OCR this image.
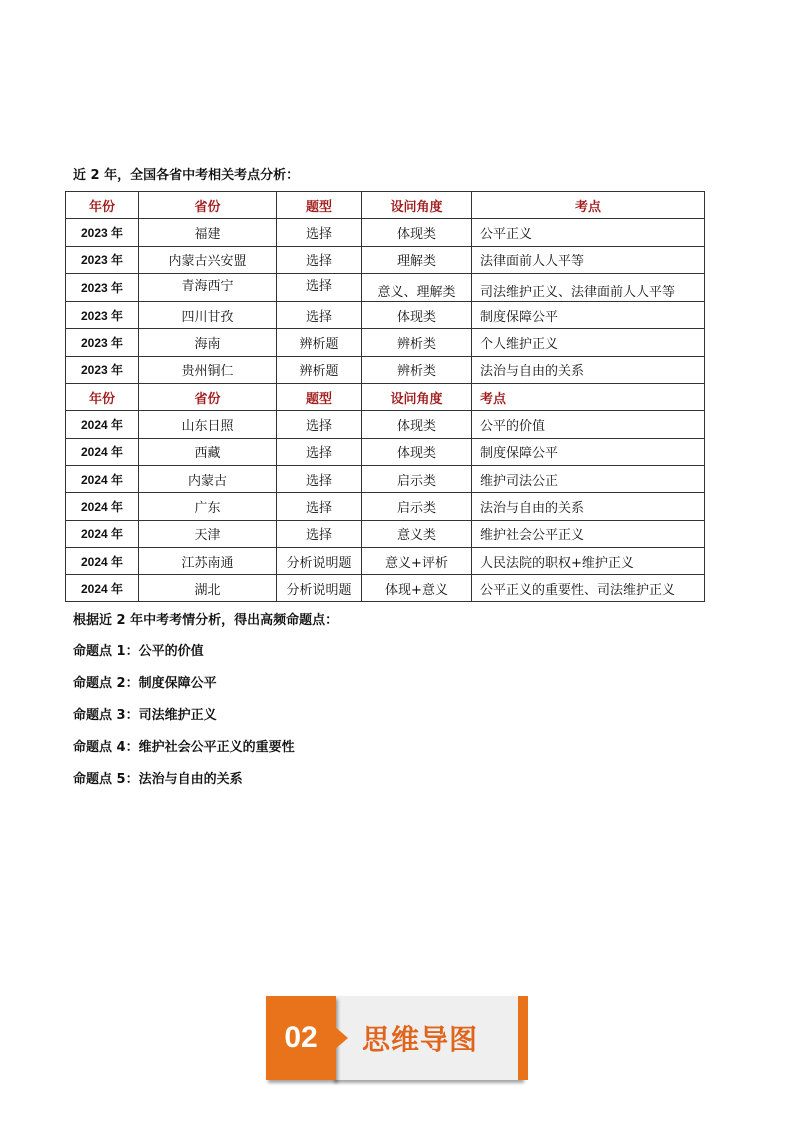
近 2 年，全国各省中考相关考点分析：
年份	省份	题型	设问角度	考点
2023 年	福建	选择	体现类	公平正义
2023 年	内蒙古兴安盟	选择	理解类	法律面前人人平等
2023 年	青海西宁	选择	意义、理解类	司法维护正义、法律面前人人平等
2023 年	四川甘孜	选择	体现类	制度保障公平
2023 年	海南	辨析题	辨析类	个人维护正义
2023 年	贵州铜仁	辨析题	辨析类	法治与自由的关系
年份	省份	题型	设问角度	考点
2024 年	山东日照	选择	体现类	公平的价值
2024 年	西藏	选择	体现类	制度保障公平
2024 年	内蒙古	选择	启示类	维护司法公正
2024 年	广东	选择	启示类	法治与自由的关系
2024 年	天津	选择	意义类	维护社会公平正义
2024 年	江苏南通	分析说明题	意义+评析	人民法院的职权+维护正义
2024 年	湖北	分析说明题	体现+意义	公平正义的重要性、司法维护正义
根据近 2 年中考考情分析，得出高频命题点：
命题点 1：公平的价值
命题点 2：制度保障公平
命题点 3：司法维护正义
命题点 4：维护社会公平正义的重要性
命题点 5：法治与自由的关系
02	思维导图
